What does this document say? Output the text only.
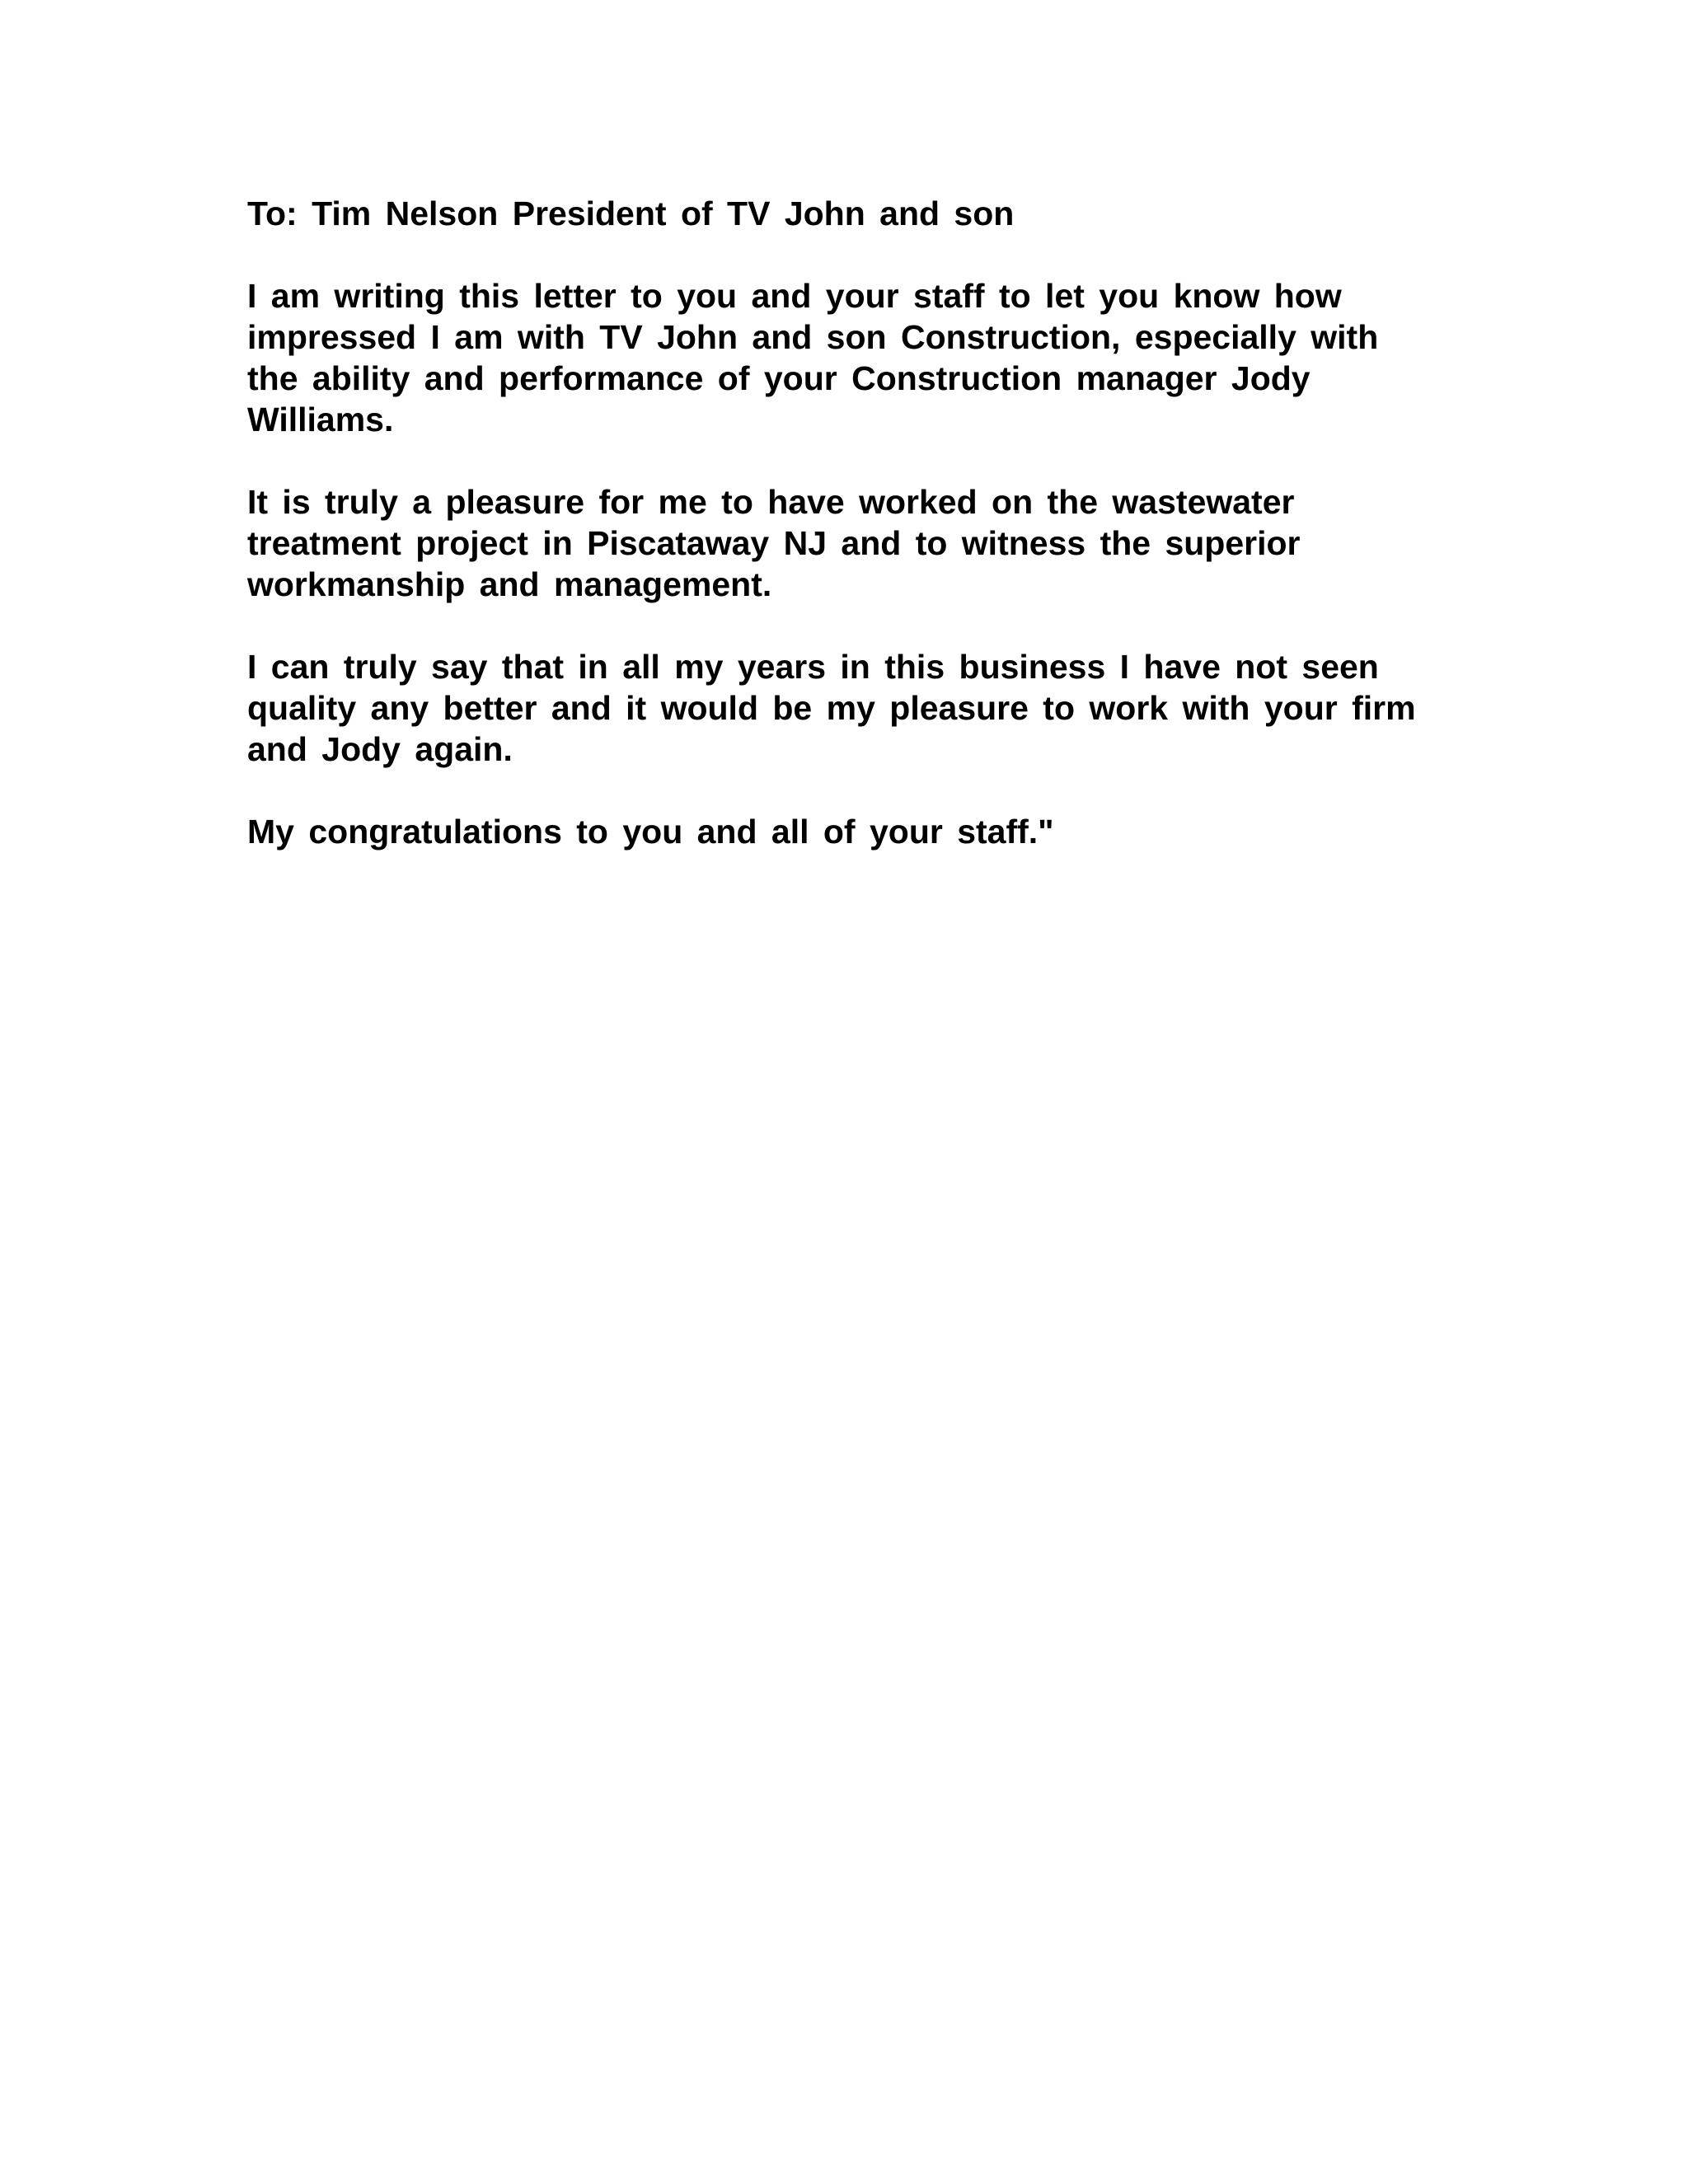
To: Tim Nelson President of TV John and son
I am writing this letter to you and your staff to let you know how
impressed I am with TV John and son Construction, especially with
the ability and performance of your Construction manager Jody
Williams.
It is truly a pleasure for me to have worked on the wastewater
treatment project in Piscataway NJ and to witness the superior
workmanship and management.
I can truly say that in all my years in this business I have not seen
quality any better and it would be my pleasure to work with your firm
and Jody again.
My congratulations to you and all of your staff."
